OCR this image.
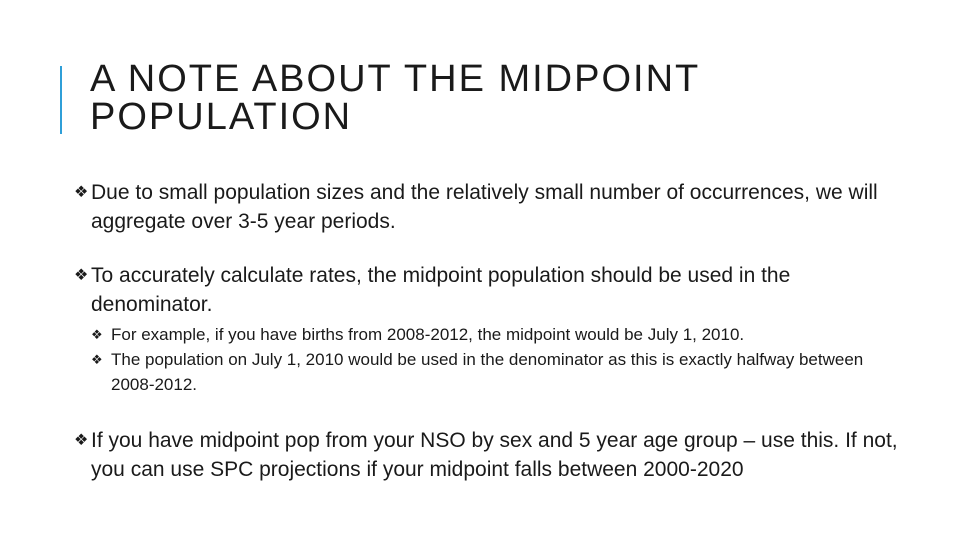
A NOTE ABOUT THE MIDPOINT
POPULATION
❖ Due to small population sizes and the relatively small number of occurrences, we will aggregate over 3-5 year periods.
❖ To accurately calculate rates, the midpoint population should be used in the denominator.
❖ For example, if you have births from 2008-2012, the midpoint would be July 1, 2010.
❖ The population on July 1, 2010 would be used in the denominator as this is exactly halfway between 2008-2012.
❖ If you have midpoint pop from your NSO by sex and 5 year age group – use this. If not, you can use SPC projections if your midpoint falls between 2000-2020
